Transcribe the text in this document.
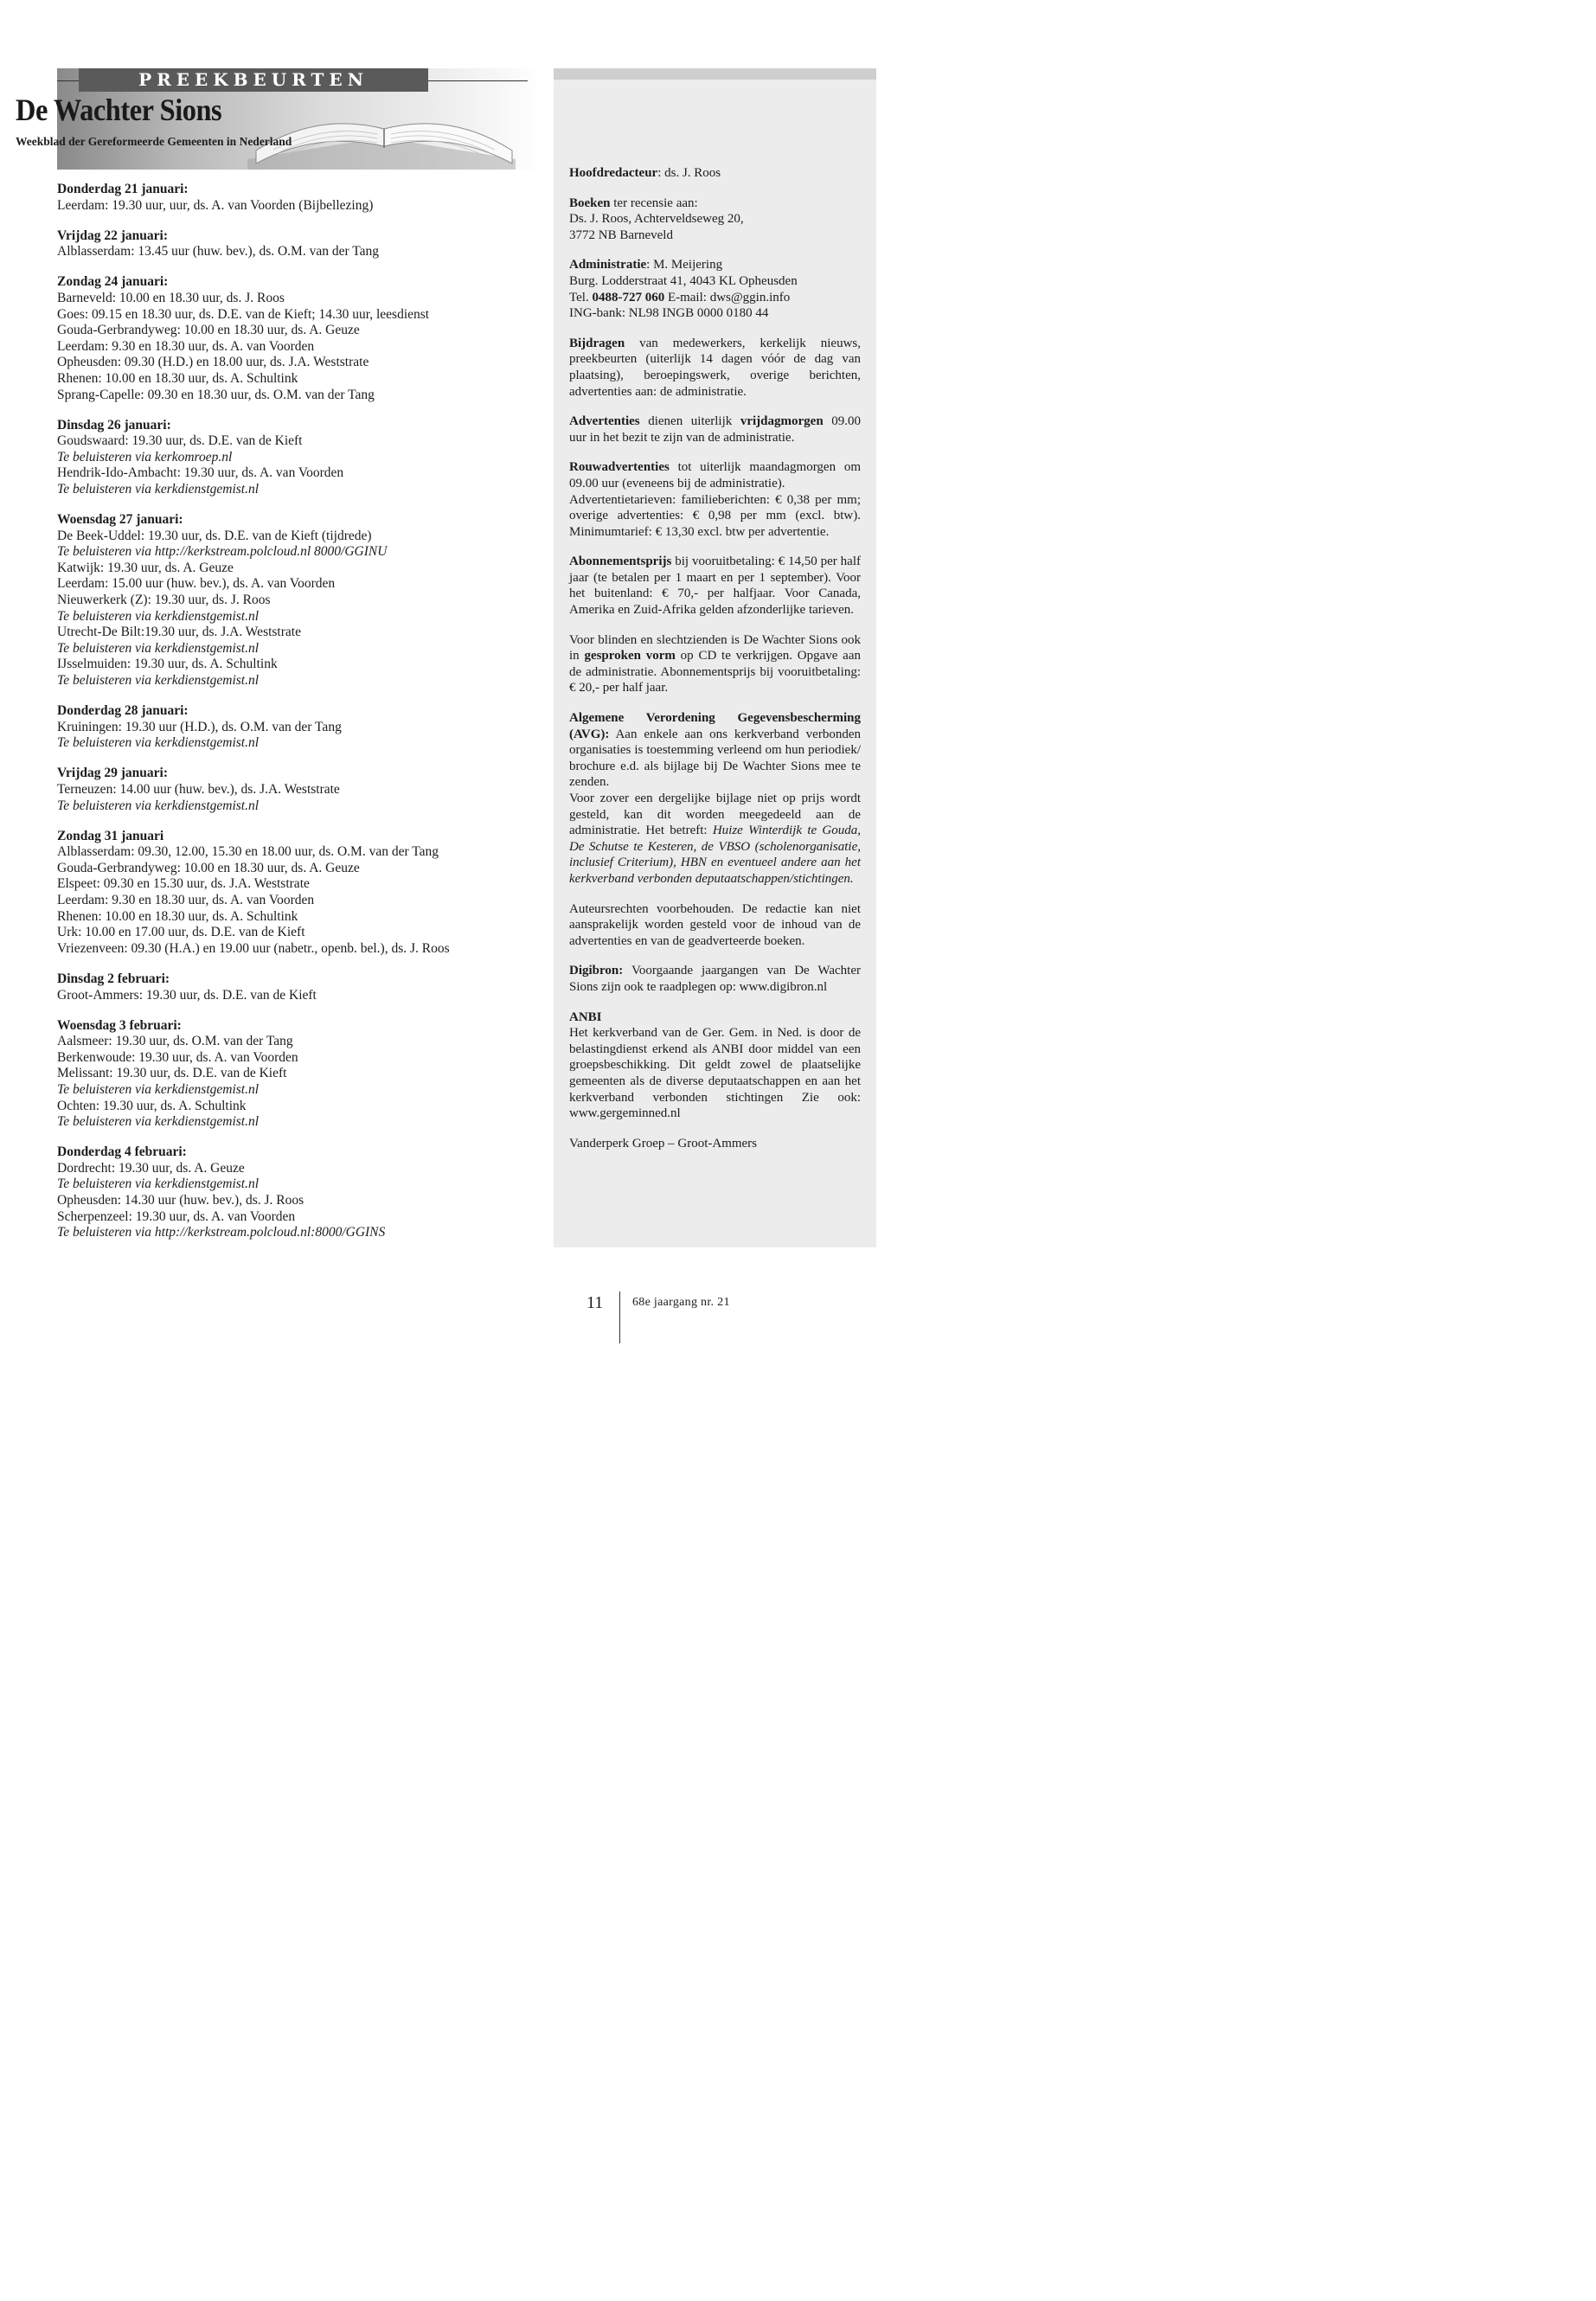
PREEKBEURTEN
Donderdag 21 januari:
Leerdam: 19.30 uur, uur, ds. A. van Voorden (Bijbellezing)
Vrijdag 22 januari:
Alblasserdam: 13.45 uur (huw. bev.), ds. O.M. van der Tang
Zondag 24 januari:
Barneveld: 10.00 en 18.30 uur, ds. J. Roos
Goes: 09.15 en 18.30 uur, ds. D.E. van de Kieft; 14.30 uur, leesdienst
Gouda-Gerbrandyweg: 10.00 en 18.30 uur, ds. A. Geuze
Leerdam: 9.30 en 18.30 uur, ds. A. van Voorden
Opheusden: 09.30 (H.D.) en 18.00 uur, ds. J.A. Weststrate
Rhenen: 10.00 en 18.30 uur, ds. A. Schultink
Sprang-Capelle: 09.30 en 18.30 uur, ds. O.M. van der Tang
Dinsdag 26 januari:
Goudswaard: 19.30 uur, ds. D.E. van de Kieft
Te beluisteren via kerkomroep.nl
Hendrik-Ido-Ambacht: 19.30 uur, ds. A. van Voorden
Te beluisteren via kerkdienstgemist.nl
Woensdag 27 januari:
De Beek-Uddel: 19.30 uur, ds. D.E. van de Kieft (tijdrede)
Te beluisteren via http://kerkstream.polcloud.nl 8000/GGINU
Katwijk: 19.30 uur, ds. A. Geuze
Leerdam: 15.00 uur (huw. bev.), ds. A. van Voorden
Nieuwerkerk (Z): 19.30 uur, ds. J. Roos
Te beluisteren via kerkdienstgemist.nl
Utrecht-De Bilt:19.30 uur, ds. J.A. Weststrate
Te beluisteren via kerkdienstgemist.nl
IJsselmuiden: 19.30 uur, ds. A. Schultink
Te beluisteren via kerkdienstgemist.nl
Donderdag 28 januari:
Kruiningen: 19.30 uur (H.D.), ds. O.M. van der Tang
Te beluisteren via kerkdienstgemist.nl
Vrijdag 29 januari:
Terneuzen: 14.00 uur (huw. bev.), ds. J.A. Weststrate
Te beluisteren via kerkdienstgemist.nl
Zondag 31 januari
Alblasserdam: 09.30, 12.00, 15.30 en 18.00 uur, ds. O.M. van der Tang
Gouda-Gerbrandyweg: 10.00 en 18.30 uur, ds. A. Geuze
Elspeet: 09.30 en 15.30 uur, ds. J.A. Weststrate
Leerdam: 9.30 en 18.30 uur, ds. A. van Voorden
Rhenen: 10.00 en 18.30 uur, ds. A. Schultink
Urk: 10.00 en 17.00 uur, ds. D.E. van de Kieft
Vriezenveen: 09.30 (H.A.) en 19.00 uur (nabetr., openb. bel.), ds. J. Roos
Dinsdag 2 februari:
Groot-Ammers: 19.30 uur, ds. D.E. van de Kieft
Woensdag 3 februari:
Aalsmeer: 19.30 uur, ds. O.M. van der Tang
Berkenwoude: 19.30 uur, ds. A. van Voorden
Melissant: 19.30 uur, ds. D.E. van de Kieft
Te beluisteren via kerkdienstgemist.nl
Ochten: 19.30 uur, ds. A. Schultink
Te beluisteren via kerkdienstgemist.nl
Donderdag 4 februari:
Dordrecht: 19.30 uur, ds. A. Geuze
Te beluisteren via kerkdienstgemist.nl
Opheusden: 14.30 uur (huw. bev.), ds. J. Roos
Scherpenzeel: 19.30 uur, ds. A. van Voorden
Te beluisteren via http://kerkstream.polcloud.nl:8000/GGINS
De Wachter Sions
Weekblad der Gereformeerde Gemeenten in Nederland
Hoofdredacteur: ds. J. Roos
Boeken ter recensie aan:
Ds. J. Roos, Achterveldseweg 20,
3772 NB Barneveld
Administratie: M. Meijering
Burg. Lodderstraat 41, 4043 KL Opheusden
Tel. 0488-727 060 E-mail: dws@ggin.info
ING-bank: NL98 INGB 0000 0180 44
Bijdragen van medewerkers, kerkelijk nieuws, preekbeurten (uiterlijk 14 dagen vóór de dag van plaatsing), beroepingswerk, overige berichten, advertenties aan: de administratie.
Advertenties dienen uiterlijk vrijdagmorgen 09.00 uur in het bezit te zijn van de administratie.
Rouwadvertenties tot uiterlijk maandagmorgen om 09.00 uur (eveneens bij de administratie).
Advertentietarieven: familieberichten: € 0,38 per mm; overige advertenties: € 0,98 per mm (excl. btw). Minimumtarief: € 13,30 excl. btw per advertentie.
Abonnementsprijs bij vooruitbetaling: € 14,50 per half jaar (te betalen per 1 maart en per 1 september). Voor het buitenland: € 70,- per halfjaar. Voor Canada, Amerika en Zuid-Afrika gelden afzonderlijke tarieven.
Voor blinden en slechtzienden is De Wachter Sions ook in gesproken vorm op CD te verkrijgen. Opgave aan de administratie. Abonnementsprijs bij vooruitbetaling: € 20,- per half jaar.
Algemene Verordening Gegevensbescherming (AVG): Aan enkele aan ons kerkverband verbonden organisaties is toestemming verleend om hun periodiek/ brochure e.d. als bijlage bij De Wachter Sions mee te zenden.
Voor zover een dergelijke bijlage niet op prijs wordt gesteld, kan dit worden meegedeeld aan de administratie. Het betreft: Huize Winterdijk te Gouda, De Schutse te Kesteren, de VBSO (scholenorganisatie, inclusief Criterium), HBN en eventueel andere aan het kerkverband verbonden deputaatschappen/stichtingen.
Auteursrechten voorbehouden. De redactie kan niet aansprakelijk worden gesteld voor de inhoud van de advertenties en van de geadverteerde boeken.
Digibron: Voorgaande jaargangen van De Wachter Sions zijn ook te raadplegen op: www.digibron.nl
ANBI
Het kerkverband van de Ger. Gem. in Ned. is door de belastingdienst erkend als ANBI door middel van een groepsbeschikking. Dit geldt zowel de plaatselijke gemeenten als de diverse deputaatschappen en aan het kerkverband verbonden stichtingen Zie ook: www.gergeminned.nl
Vanderperk Groep – Groot-Ammers
11 68e jaargang nr. 21
